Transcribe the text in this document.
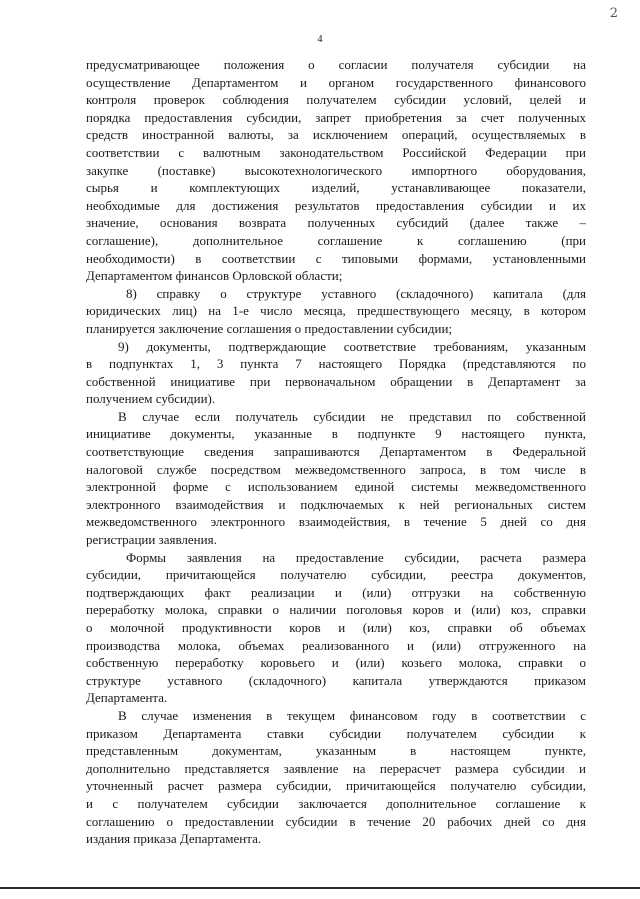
2
4
предусматривающее положения о согласии получателя субсидии на
осуществление Департаментом и органом государственного финансового
контроля проверок соблюдения получателем субсидии условий, целей и
порядка предоставления субсидии, запрет приобретения за счет полученных
средств иностранной валюты, за исключением операций, осуществляемых в
соответствии с валютным законодательством Российской Федерации при
закупке (поставке) высокотехнологического импортного оборудования,
сырья и комплектующих изделий, устанавливающее показатели,
необходимые для достижения результатов предоставления субсидии и их
значение, основания возврата полученных субсидий (далее также –
соглашение), дополнительное соглашение к соглашению (при
необходимости) в соответствии с типовыми формами, установленными
Департаментом финансов Орловской области;
8) справку о структуре уставного (складочного) капитала (для
юридических лиц) на 1-е число месяца, предшествующего месяцу, в котором
планируется заключение соглашения о предоставлении субсидии;
9) документы, подтверждающие соответствие требованиям, указанным
в подпунктах 1, 3 пункта 7 настоящего Порядка (представляются по
собственной инициативе при первоначальном обращении в Департамент за
получением субсидии).
В случае если получатель субсидии не представил по собственной
инициативе документы, указанные в подпункте 9 настоящего пункта,
соответствующие сведения запрашиваются Департаментом в Федеральной
налоговой службе посредством межведомственного запроса, в том числе в
электронной форме с использованием единой системы межведомственного
электронного взаимодействия и подключаемых к ней региональных систем
межведомственного электронного взаимодействия, в течение 5 дней со дня
регистрации заявления.
Формы заявления на предоставление субсидии, расчета размера
субсидии, причитающейся получателю субсидии, реестра документов,
подтверждающих факт реализации и (или) отгрузки на собственную
переработку молока, справки о наличии поголовья коров и (или) коз, справки
о молочной продуктивности коров и (или) коз, справки об объемах
производства молока, объемах реализованного и (или) отгруженного на
собственную переработку коровьего и (или) козьего молока, справки о
структуре уставного (складочного) капитала утверждаются приказом
Департамента.
В случае изменения в текущем финансовом году в соответствии с
приказом Департамента ставки субсидии получателем субсидии к
представленным документам, указанным в настоящем пункте,
дополнительно представляется заявление на перерасчет размера субсидии и
уточненный расчет размера субсидии, причитающейся получателю субсидии,
и с получателем субсидии заключается дополнительное соглашение к
соглашению о предоставлении субсидии в течение 20 рабочих дней со дня
издания приказа Департамента.
